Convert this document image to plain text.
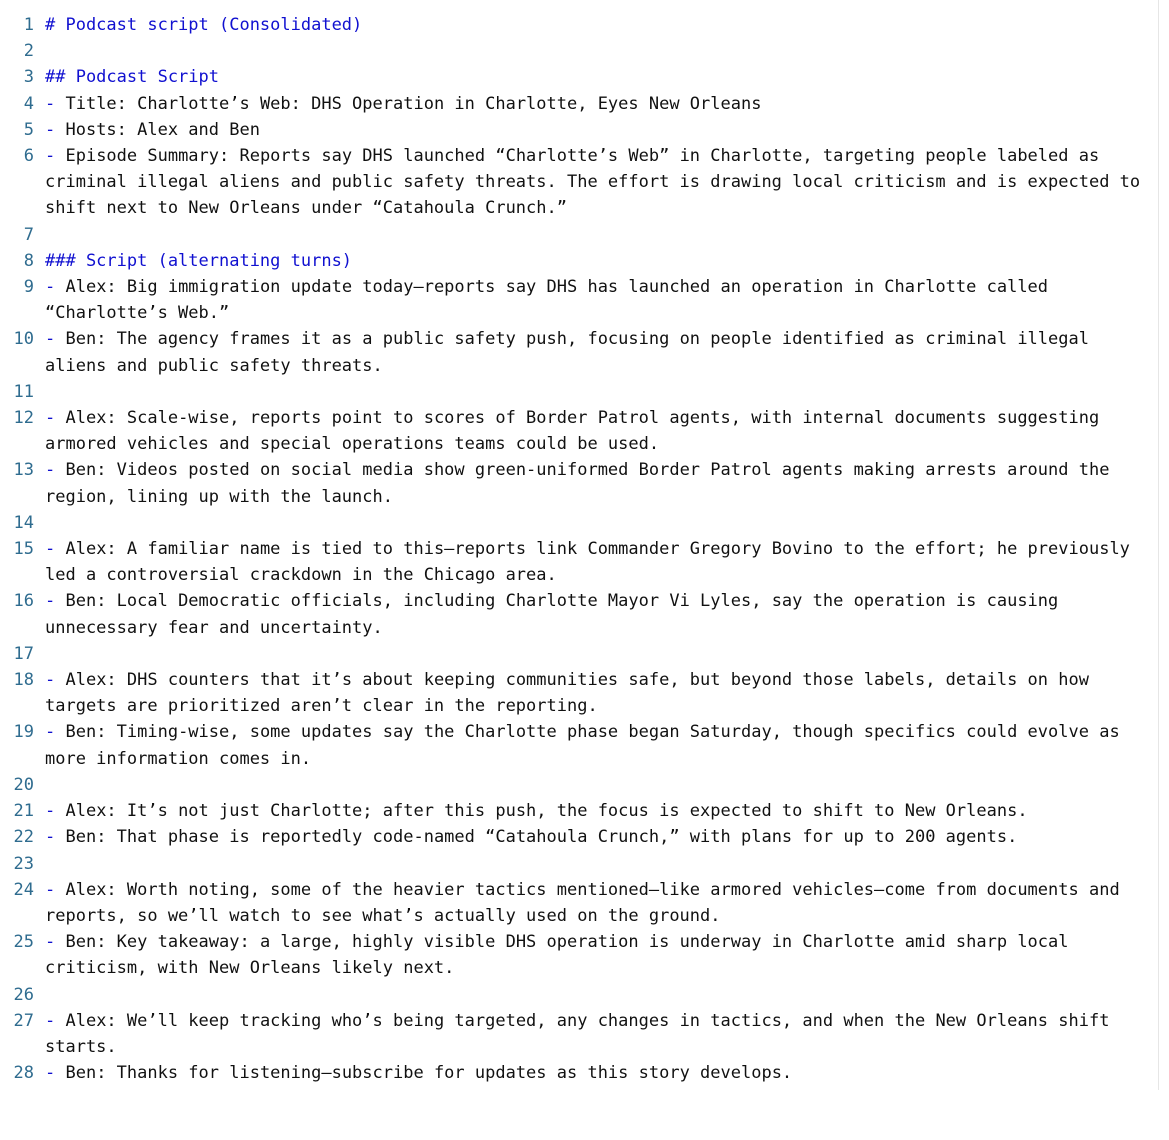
1 # Podcast script (Consolidated)
2
3 ## Podcast Script
4 - Title: Charlotte’s Web: DHS Operation in Charlotte, Eyes New Orleans
5 - Hosts: Alex and Ben
6 - Episode Summary: Reports say DHS launched “Charlotte’s Web” in Charlotte, targeting people labeled as criminal illegal aliens and public safety threats. The effort is drawing local criticism and is expected to shift next to New Orleans under “Catahoula Crunch.”
7
8 ### Script (alternating turns)
9 - Alex: Big immigration update today—reports say DHS has launched an operation in Charlotte called “Charlotte’s Web.”
10 - Ben: The agency frames it as a public safety push, focusing on people identified as criminal illegal aliens and public safety threats.
11
12 - Alex: Scale-wise, reports point to scores of Border Patrol agents, with internal documents suggesting armored vehicles and special operations teams could be used.
13 - Ben: Videos posted on social media show green-uniformed Border Patrol agents making arrests around the region, lining up with the launch.
14
15 - Alex: A familiar name is tied to this—reports link Commander Gregory Bovino to the effort; he previously led a controversial crackdown in the Chicago area.
16 - Ben: Local Democratic officials, including Charlotte Mayor Vi Lyles, say the operation is causing unnecessary fear and uncertainty.
17
18 - Alex: DHS counters that it’s about keeping communities safe, but beyond those labels, details on how targets are prioritized aren’t clear in the reporting.
19 - Ben: Timing-wise, some updates say the Charlotte phase began Saturday, though specifics could evolve as more information comes in.
20
21 - Alex: It’s not just Charlotte; after this push, the focus is expected to shift to New Orleans.
22 - Ben: That phase is reportedly code-named “Catahoula Crunch,” with plans for up to 200 agents.
23
24 - Alex: Worth noting, some of the heavier tactics mentioned—like armored vehicles—come from documents and reports, so we’ll watch to see what’s actually used on the ground.
25 - Ben: Key takeaway: a large, highly visible DHS operation is underway in Charlotte amid sharp local criticism, with New Orleans likely next.
26
27 - Alex: We’ll keep tracking who’s being targeted, any changes in tactics, and when the New Orleans shift starts.
28 - Ben: Thanks for listening—subscribe for updates as this story develops.
